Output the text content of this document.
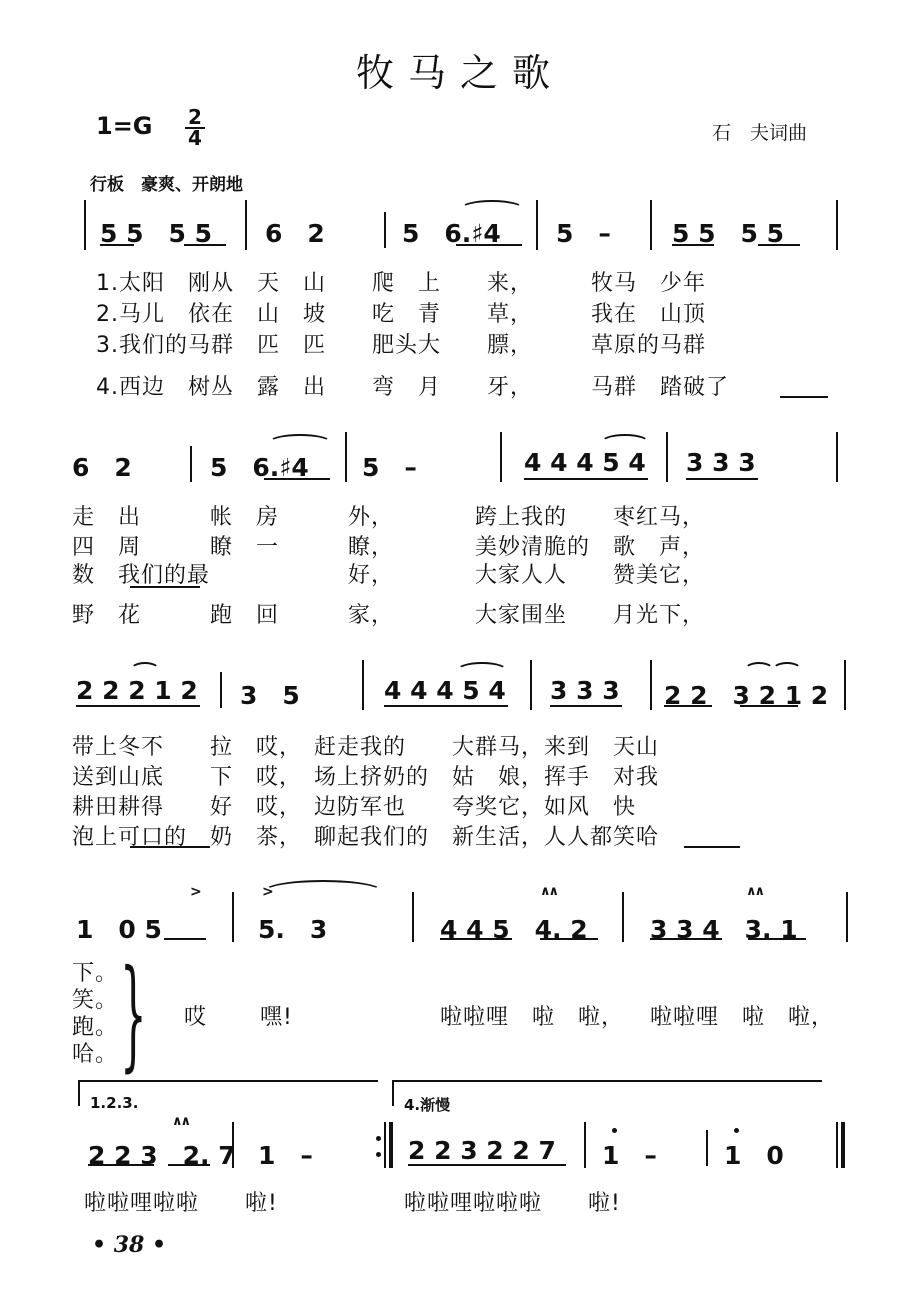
牧马之歌
1=G 2
4	石　夫词曲
行板　豪爽、开朗地
5 5　5 5 6　2	5　6.♯4 5　– 5 5　5 5
1.太阳　刚从　天　山　　爬　上　　来，　　　牧马　少年
2.马儿　依在　山　坡　　吃　青　　草，　　　我在　山顶
3.我们的马群　匹　匹　　肥头大　　膘，　　　草原的马群
4.西边　树丛　露　出　　弯　月　　牙，　　　马群　踏破了
6　2	5　6.♯4 5　–	4 4 4 5 4 3 3 3
走　出　　　帐　房　　　外，　　　　跨上我的　　枣红马，
四　周　　　瞭　一　　　瞭，　　　　美妙清脆的　歌　声，
数　我们的最　　　　　　好，　　　　大家人人　　赞美它，
野　花　　　跑　回　　　家，　　　　大家围坐　　月光下，
2 2 2 1 2 3　5	4 4 4 5 4 3 3 3 2 2　3 2 1 2
带上冬不　　拉　哎，　赶走我的　　大群马，来到　天山
送到山底　　下　哎，　场上挤奶的　姑　娘，挥手　对我
耕田耕得　　好　哎，　边防军也　　夸奖它，如风　快
泡上可口的　奶　茶，　聊起我们的　新生活，人人都笑哈
1　0 5	5.　3	4 4 5　4. 2 3 3 4　3. 1
>	>	∧∧	∧∧
下。
笑。
跑。
哈。 } 哎 嘿!	啦啦哩　啦　啦， 啦啦哩　啦　啦，
1.2.3.	4.渐慢
2 2 3　2. 7 1　–	2 2 3 2 2 7 1　–	1　0
∧∧
啦啦哩啦啦　　啦!	啦啦哩啦啦啦　　啦!
• 38 •
